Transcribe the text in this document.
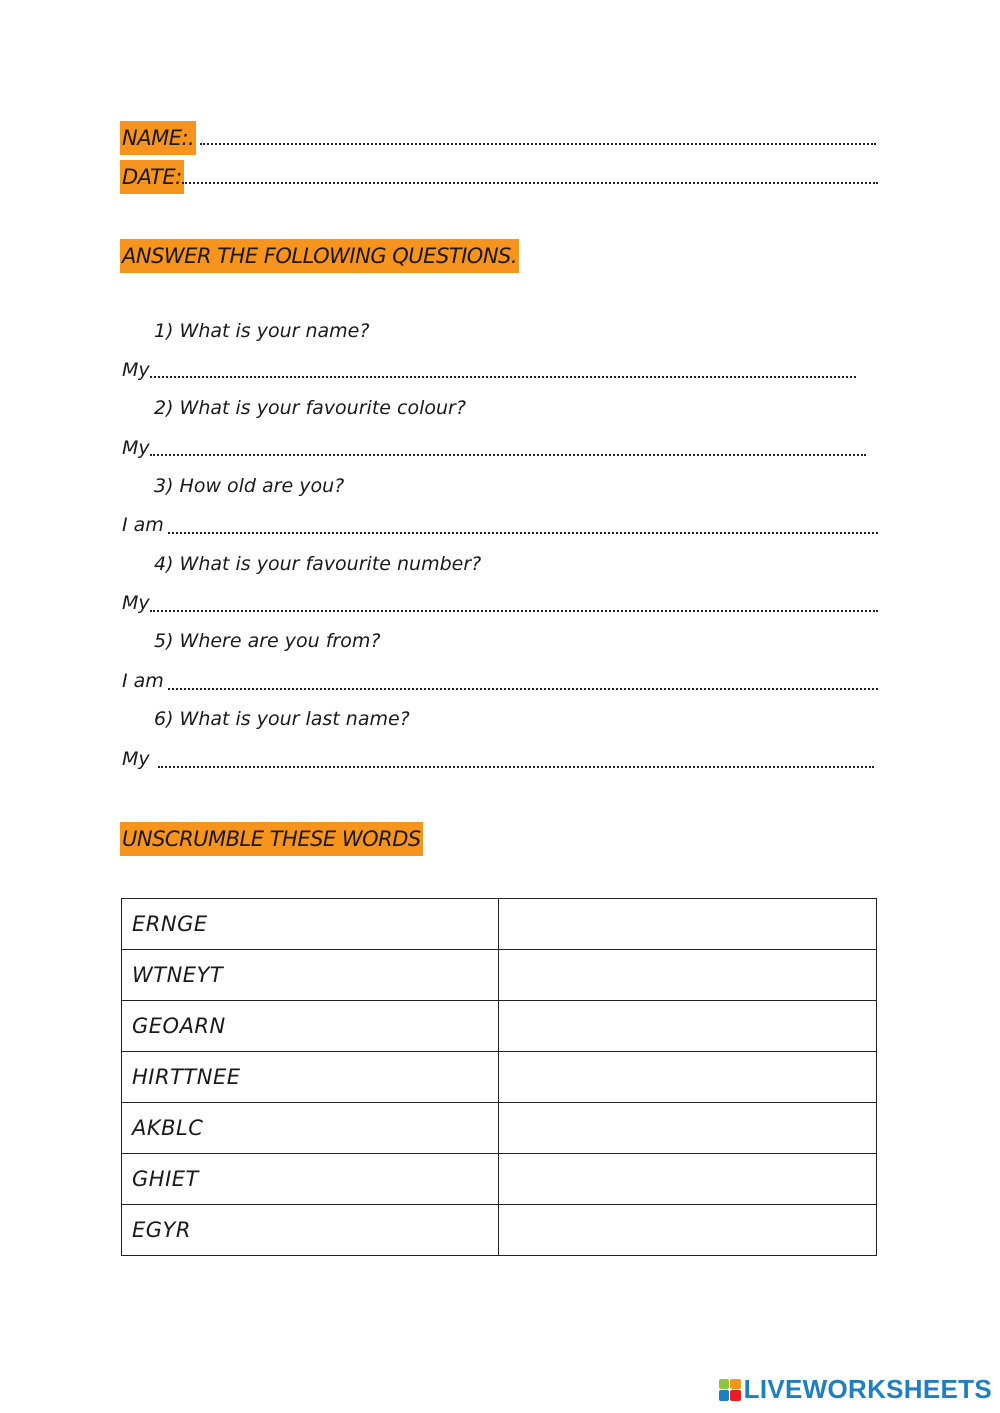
NAME:.
DATE:
ANSWER THE FOLLOWING QUESTIONS.
1) What is your name?
My
2) What is your favourite colour?
My
3) How old are you?
I am
4) What is your favourite number?
My
5) Where are you from?
I am
6) What is your last name?
My
UNSCRUMBLE THESE WORDS
ERNGE	
WTNEYT	
GEOARN	
HIRTTNEE	
AKBLC	
GHIET	
EGYR	
LIVEWORKSHEETS
